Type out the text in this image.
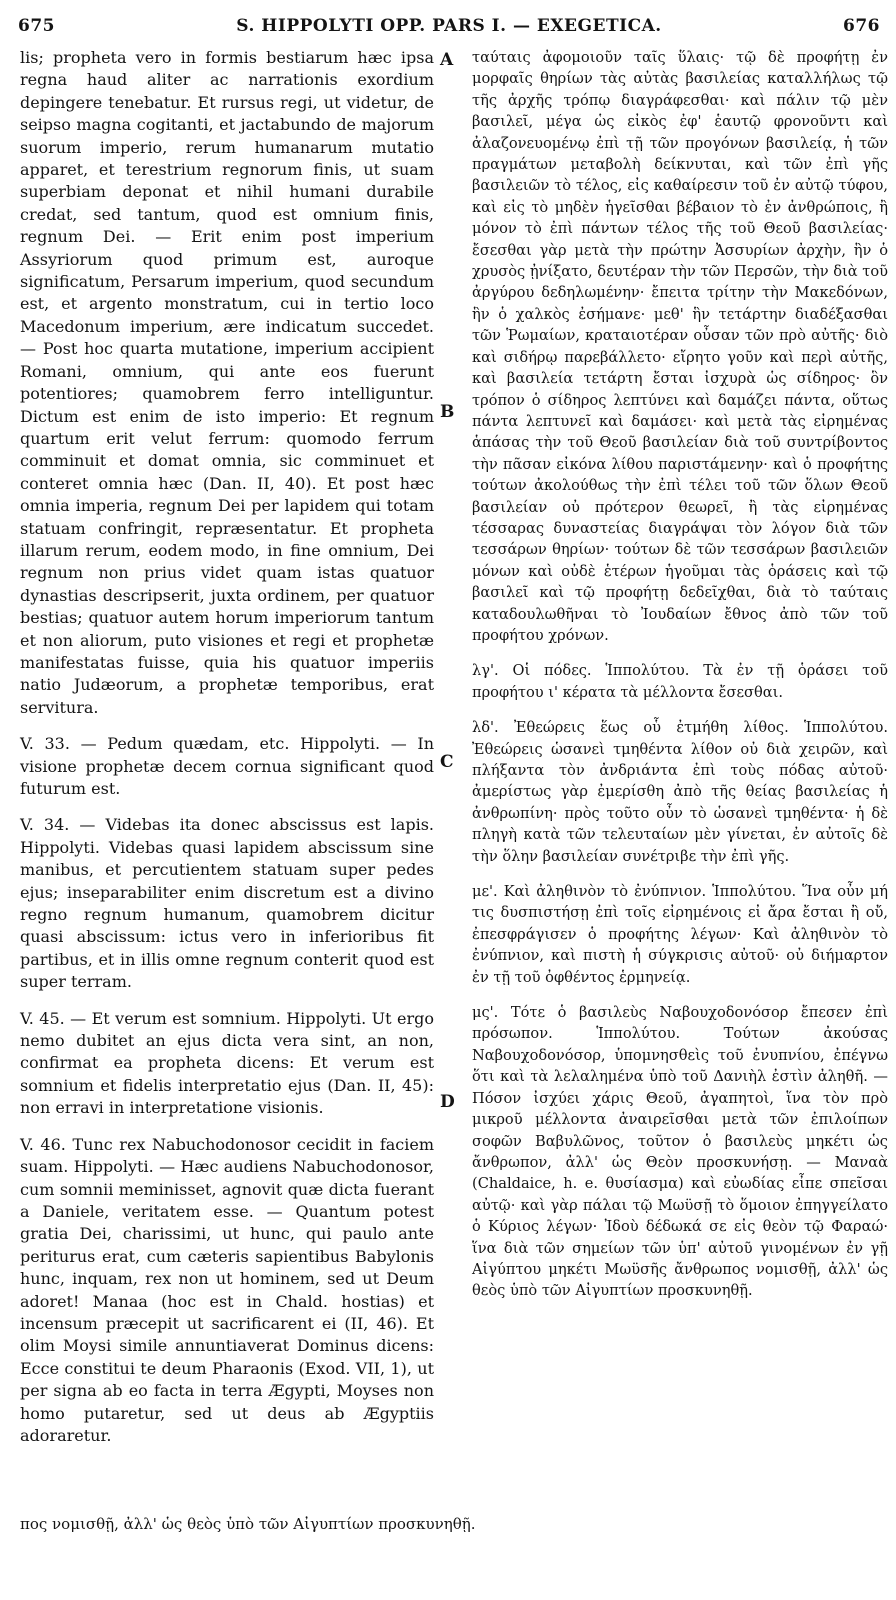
675	S. HIPPOLYTI OPP. PARS I. — EXEGETICA.	676

lis; propheta vero in formis bestiarum hæc ipsa regna haud aliter ac narrationis exordium depingere tenebatur. Et rursus regi, ut videtur, de seipso magna cogitanti, et jactabundo de majorum suorum imperio, rerum humanarum mutatio apparet, et terestrium regnorum finis, ut suam superbiam deponat et nihil humani durabile credat, sed tantum, quod est omnium finis, regnum Dei. — Erit enim post imperium Assyriorum quod primum est, auroque significatum, Persarum imperium, quod secundum est, et argento monstratum, cui in tertio loco Macedonum imperium, ære indicatum succedet. — Post hoc quarta mutatione, imperium accipient Romani, omnium, qui ante eos fuerunt potentiores; quamobrem ferro intelliguntur. Dictum est enim de isto imperio: Et regnum quartum erit velut ferrum: quomodo ferrum comminuit et domat omnia, sic comminuet et conteret omnia hæc (Dan. II, 40). Et post hæc omnia imperia, regnum Dei per lapidem qui totam statuam confringit, repræsentatur. Et propheta illarum rerum, eodem modo, in fine omnium, Dei regnum non prius videt quam istas quatuor dynastias descripserit, juxta ordinem, per quatuor bestias; quatuor autem horum imperiorum tantum et non aliorum, puto visiones et regi et prophetæ manifestatas fuisse, quia his quatuor imperiis natio Judæorum, a prophetæ temporibus, erat servitura.

V. 33. — Pedum quædam, etc. Hippolyti. — In visione prophetæ decem cornua significant quod futurum est.

V. 34. — Videbas ita donec abscissus est lapis. Hippolyti. Videbas quasi lapidem abscissum sine manibus, et percutientem statuam super pedes ejus; inseparabiliter enim discretum est a divino regno regnum humanum, quamobrem dicitur quasi abscissum: ictus vero in inferioribus fit partibus, et in illis omne regnum conterit quod est super terram.

V. 45. — Et verum est somnium. Hippolyti. Ut ergo nemo dubitet an ejus dicta vera sint, an non, confirmat ea propheta dicens: Et verum est somnium et fidelis interpretatio ejus (Dan. II, 45): non erravi in interpretatione visionis.

V. 46. Tunc rex Nabuchodonosor cecidit in faciem suam. Hippolyti. — Hæc audiens Nabuchodonosor, cum somnii meminisset, agnovit quæ dicta fuerant a Daniele, veritatem esse. — Quantum potest gratia Dei, charissimi, ut hunc, qui paulo ante periturus erat, cum cæteris sapientibus Babylonis hunc, inquam, rex non ut hominem, sed ut Deum adoret! Manaa (hoc est in Chald. hostias) et incensum præcepit ut sacrificarent ei (II, 46). Et olim Moysi simile annuntiaverat Dominus dicens: Ecce constitui te deum Pharaonis (Exod. VII, 1), ut per signa ab eo facta in terra Ægypti, Moyses non homo putaretur, sed ut deus ab Ægyptiis adoraretur.

A
B
C
D

ταύταις ἀφομοιοῦν ταῖς ὕλαις· τῷ δὲ προφήτῃ ἐν μορφαῖς θηρίων τὰς αὐτὰς βασιλείας καταλλήλως τῷ τῆς ἀρχῆς τρόπῳ διαγράφεσθαι· καὶ πάλιν τῷ μὲν βασιλεῖ, μέγα ὡς εἰκὸς ἐφ' ἑαυτῷ φρονοῦντι καὶ ἀλαζονευομένῳ ἐπὶ τῇ τῶν προγόνων βασιλείᾳ, ἡ τῶν πραγμάτων μεταβολὴ δείκνυται, καὶ τῶν ἐπὶ γῆς βασιλειῶν τὸ τέλος, εἰς καθαίρεσιν τοῦ ἐν αὐτῷ τύφου, καὶ εἰς τὸ μηδὲν ἡγεῖσθαι βέβαιον τὸ ἐν ἀνθρώποις, ἢ μόνον τὸ ἐπὶ πάντων τέλος τῆς τοῦ Θεοῦ βασιλείας· ἔσεσθαι γὰρ μετὰ τὴν πρώτην Ἀσσυρίων ἀρχὴν, ἣν ὁ χρυσὸς ᾐνίξατο, δευτέραν τὴν τῶν Περσῶν, τὴν διὰ τοῦ ἀργύρου δεδηλωμένην· ἔπειτα τρίτην τὴν Μακεδόνων, ἣν ὁ χαλκὸς ἐσήμανε· μεθ' ἣν τετάρτην διαδέξασθαι τῶν Ῥωμαίων, κραταιοτέραν οὖσαν τῶν πρὸ αὐτῆς· διὸ καὶ σιδήρῳ παρεβάλλετο· εἴρητο γοῦν καὶ περὶ αὐτῆς, καὶ βασιλεία τετάρτη ἔσται ἰσχυρὰ ὡς σίδηρος· ὃν τρόπον ὁ σίδηρος λεπτύνει καὶ δαμάζει πάντα, οὕτως πάντα λεπτυνεῖ καὶ δαμάσει· καὶ μετὰ τὰς εἰρημένας ἁπάσας τὴν τοῦ Θεοῦ βασιλείαν διὰ τοῦ συντρίβοντος τὴν πᾶσαν εἰκόνα λίθου παριστάμενην· καὶ ὁ προφήτης τούτων ἀκολούθως τὴν ἐπὶ τέλει τοῦ τῶν ὅλων Θεοῦ βασιλείαν οὐ πρότερον θεωρεῖ, ἢ τὰς εἰρημένας τέσσαρας δυναστείας διαγράψαι τὸν λόγον διὰ τῶν τεσσάρων θηρίων· τούτων δὲ τῶν τεσσάρων βασιλειῶν μόνων καὶ οὐδὲ ἑτέρων ἡγοῦμαι τὰς ὁράσεις καὶ τῷ βασιλεῖ καὶ τῷ προφήτῃ δεδεῖχθαι, διὰ τὸ ταύταις καταδουλωθῆναι τὸ Ἰουδαίων ἔθνος ἀπὸ τῶν τοῦ προφήτου χρόνων.

λγ'. Οἱ πόδες. Ἱππολύτου. Τὰ ἐν τῇ ὁράσει τοῦ προφήτου ι' κέρατα τὰ μέλλοντα ἔσεσθαι.

λδ'. Ἐθεώρεις ἕως οὗ ἐτμήθη λίθος. Ἱππολύτου. Ἐθεώρεις ὡσανεὶ τμηθέντα λίθον οὐ διὰ χειρῶν, καὶ πλήξαντα τὸν ἀνδριάντα ἐπὶ τοὺς πόδας αὐτοῦ· ἀμερίστως γὰρ ἐμερίσθη ἀπὸ τῆς θείας βασιλείας ἡ ἀνθρωπίνη· πρὸς τοῦτο οὖν τὸ ὡσανεὶ τμηθέντα· ἡ δὲ πληγὴ κατὰ τῶν τελευταίων μὲν γίνεται, ἐν αὐτοῖς δὲ τὴν ὅλην βασιλείαν συνέτριβε τὴν ἐπὶ γῆς.

με'. Καὶ ἀληθινὸν τὸ ἐνύπνιον. Ἱππολύτου. Ἵνα οὖν μή τις δυσπιστήσῃ ἐπὶ τοῖς εἰρημένοις εἰ ἄρα ἔσται ἢ οὔ, ἐπεσφράγισεν ὁ προφήτης λέγων· Καὶ ἀληθινὸν τὸ ἐνύπνιον, καὶ πιστὴ ἡ σύγκρισις αὐτοῦ· οὐ διήμαρτον ἐν τῇ τοῦ ὀφθέντος ἑρμηνείᾳ.

μς'. Τότε ὁ βασιλεὺς Ναβουχοδονόσορ ἔπεσεν ἐπὶ πρόσωπον. Ἱππολύτου. Τούτων ἀκούσας Ναβουχοδονόσορ, ὑπομνησθεὶς τοῦ ἐνυπνίου, ἐπέγνω ὅτι καὶ τὰ λελαλημένα ὑπὸ τοῦ Δανιὴλ ἐστὶν ἀληθῆ. — Πόσον ἰσχύει χάρις Θεοῦ, ἀγαπητοὶ, ἵνα τὸν πρὸ μικροῦ μέλλοντα ἀναιρεῖσθαι μετὰ τῶν ἐπιλοίπων σοφῶν Βαβυλῶνος, τοῦτον ὁ βασιλεὺς μηκέτι ὡς ἄνθρωπον, ἀλλ' ὡς Θεὸν προσκυνήσῃ. — Μαναὰ (Chaldaice, h. e. θυσίασμα) καὶ εὐωδίας εἶπε σπεῖσαι αὐτῷ· καὶ γὰρ πάλαι τῷ Μωϋσῇ τὸ ὅμοιον ἐπηγγείλατο ὁ Κύριος λέγων· Ἰδοὺ δέδωκά σε εἰς θεὸν τῷ Φαραώ· ἵνα διὰ τῶν σημείων τῶν ὑπ' αὐτοῦ γινομένων ἐν γῇ Αἰγύπτου μηκέτι Μωϋσῆς ἄνθρωπος νομισθῇ, ἀλλ' ὡς θεὸς ὑπὸ τῶν Αἰγυπτίων προσκυνηθῇ.

πος νομισθῇ, ἀλλ' ὡς θεὸς ὑπὸ τῶν Αἰγυπτίων προσκυνηθῇ.
